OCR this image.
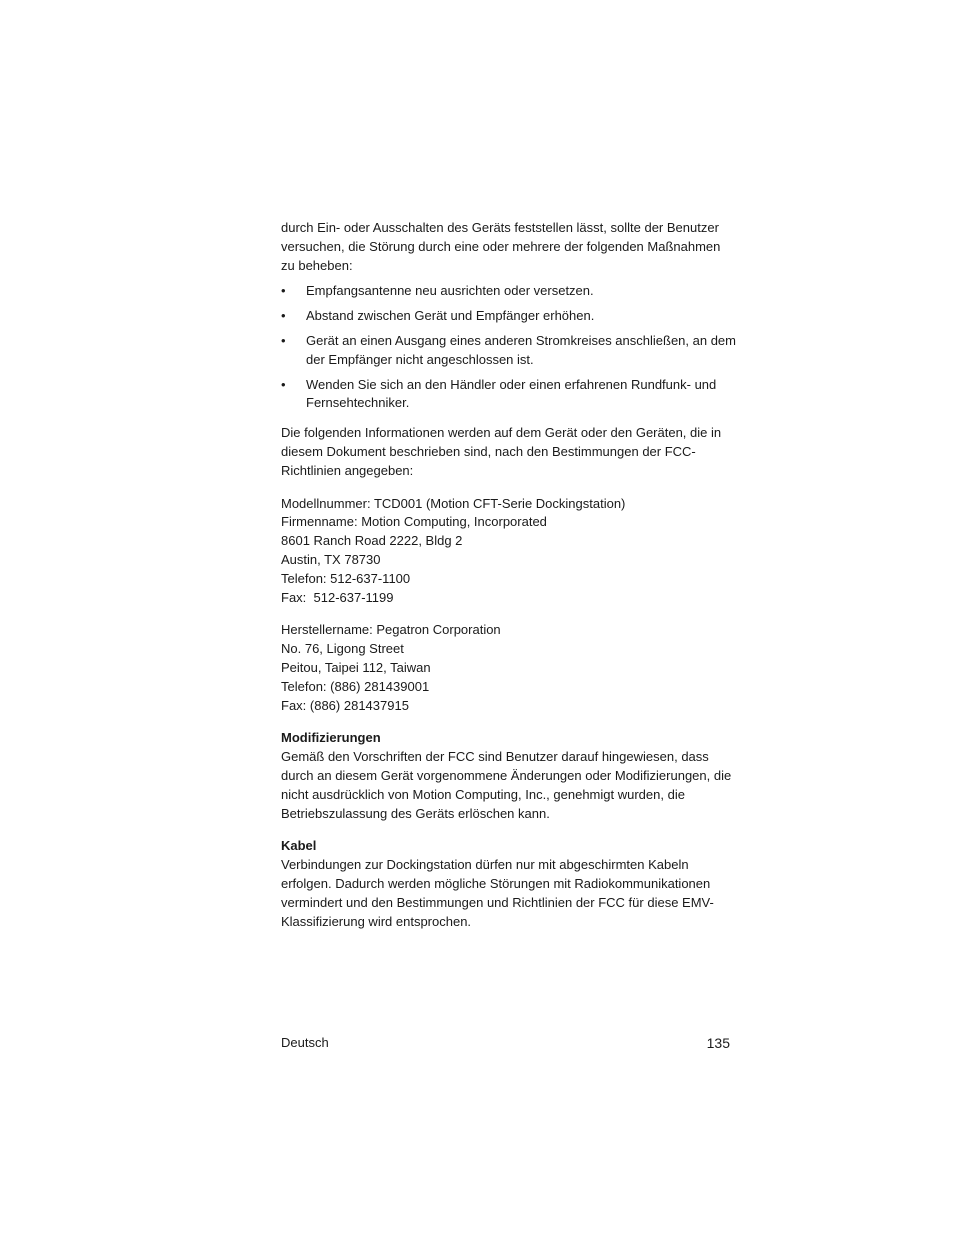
durch Ein- oder Ausschalten des Geräts feststellen lässt, sollte der Benutzer versuchen, die Störung durch eine oder mehrere der folgenden Maßnahmen zu beheben:

• Empfangsantenne neu ausrichten oder versetzen.
• Abstand zwischen Gerät und Empfänger erhöhen.
• Gerät an einen Ausgang eines anderen Stromkreises anschließen, an dem der Empfänger nicht angeschlossen ist.
• Wenden Sie sich an den Händler oder einen erfahrenen Rundfunk- und Fernsehtechniker.

Die folgenden Informationen werden auf dem Gerät oder den Geräten, die in diesem Dokument beschrieben sind, nach den Bestimmungen der FCC-Richtlinien angegeben:

Modellnummer: TCD001 (Motion CFT-Serie Dockingstation)
Firmenname: Motion Computing, Incorporated
8601 Ranch Road 2222, Bldg 2
Austin, TX 78730
Telefon: 512-637-1100
Fax:  512-637-1199
Herstellername: Pegatron Corporation
No. 76, Ligong Street
Peitou, Taipei 112, Taiwan
Telefon: (886) 281439001
Fax: (886) 281437915
Modifizierungen

Gemäß den Vorschriften der FCC sind Benutzer darauf hingewiesen, dass durch an diesem Gerät vorgenommene Änderungen oder Modifizierungen, die nicht ausdrücklich von Motion Computing, Inc., genehmigt wurden, die Betriebszulassung des Geräts erlöschen kann.

Kabel

Verbindungen zur Dockingstation dürfen nur mit abgeschirmten Kabeln erfolgen. Dadurch werden mögliche Störungen mit Radiokommunikationen vermindert und den Bestimmungen und Richtlinien der FCC für diese EMV-Klassifizierung wird entsprochen.

Deutsch	135
